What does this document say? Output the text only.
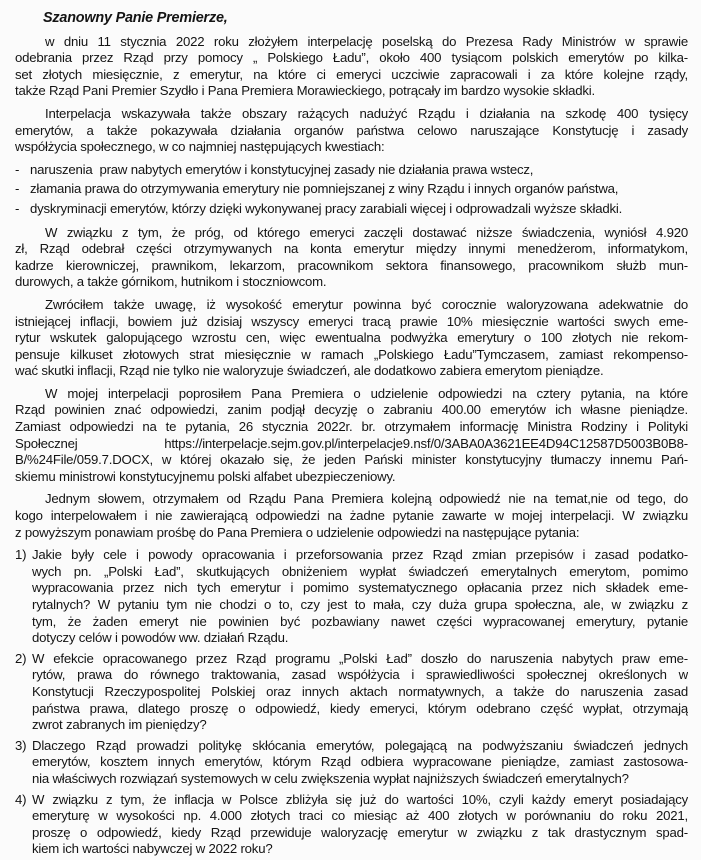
Szanowny Panie Premierze,
w dniu 11 stycznia 2022 roku złożyłem interpelację poselską do Prezesa Rady Ministrów w sprawie
odebrania przez Rząd przy pomocy „ Polskiego Ładu”, około 400 tysiącom polskich emerytów po kilka-
set złotych miesięcznie, z emerytur, na które ci emeryci uczciwie zapracowali i za które kolejne rządy,
także Rząd Pani Premier Szydło i Pana Premiera Morawieckiego, potrącały im bardzo wysokie składki.
Interpelacja wskazywała także obszary rażących nadużyć Rządu i działania na szkodę 400 tysięcy
emerytów, a także pokazywała działania organów państwa celowo naruszające Konstytucję i zasady
współżycia społecznego, w co najmniej następujących kwestiach:
- naruszenia  praw nabytych emerytów i konstytucyjnej zasady nie działania prawa wstecz,
- złamania prawa do otrzymywania emerytury nie pomniejszanej z winy Rządu i innych organów państwa,
- dyskryminacji emerytów, którzy dzięki wykonywanej pracy zarabiali więcej i odprowadzali wyższe składki.
W związku z tym, że próg, od którego emeryci zaczęli dostawać niższe świadczenia, wyniósł 4.920
zł, Rząd odebrał części otrzymywanych na konta emerytur między innymi menedżerom, informatykom,
kadrze kierowniczej, prawnikom, lekarzom, pracownikom sektora finansowego, pracownikom służb mun-
durowych, a także górnikom, hutnikom i stoczniowcom.
Zwróciłem także uwagę, iż wysokość emerytur powinna być corocznie waloryzowana adekwatnie do
istniejącej inflacji, bowiem już dzisiaj wszyscy emeryci tracą prawie 10% miesięcznie wartości swych eme-
rytur wskutek galopującego wzrostu cen, więc ewentualna podwyżka emerytury o 100 złotych nie rekom-
pensuje kilkuset złotowych strat miesięcznie w ramach „Polskiego Ładu”Tymczasem, zamiast rekompenso-
wać skutki inflacji, Rząd nie tylko nie waloryzuje świadczeń, ale dodatkowo zabiera emerytom pieniądze.
W mojej interpelacji poprosiłem Pana Premiera o udzielenie odpowiedzi na cztery pytania, na które
Rząd powinien znać odpowiedzi, zanim podjął decyzję o zabraniu 400.00 emerytów ich własne pieniądze.
Zamiast odpowiedzi na te pytania, 26 stycznia 2022r. br. otrzymałem informację Ministra Rodziny i Polityki
Społecznej https://interpelacje.sejm.gov.pl/interpelacje9.nsf/0/3ABA0A3621EE4D94C12587D5003B0B8-
B/%24File/059.7.DOCX, w której okazało się, że jeden Pański minister konstytucyjny tłumaczy innemu Pań-
skiemu ministrowi konstytucyjnemu polski alfabet ubezpieczeniowy.
Jednym słowem, otrzymałem od Rządu Pana Premiera kolejną odpowiedź nie na temat,nie od tego, do
kogo interpelowałem i nie zawierającą odpowiedzi na żadne pytanie zawarte w mojej interpelacji. W związku
z powyższym ponawiam prośbę do Pana Premiera o udzielenie odpowiedzi na następujące pytania:
1) Jakie były cele i powody opracowania i przeforsowania przez Rząd zmian przepisów i zasad podatko-
wych pn. „Polski Ład”, skutkujących obniżeniem wypłat świadczeń emerytalnych emerytom, pomimo
wypracowania przez nich tych emerytur i pomimo systematycznego opłacania przez nich składek eme-
rytalnych? W pytaniu tym nie chodzi o to, czy jest to mała, czy duża grupa społeczna, ale, w związku z
tym, że żaden emeryt nie powinien być pozbawiany nawet części wypracowanej emerytury, pytanie
dotyczy celów i powodów ww. działań Rządu.
2) W efekcie opracowanego przez Rząd programu „Polski Ład” doszło do naruszenia nabytych praw eme-
rytów, prawa do równego traktowania, zasad współżycia i sprawiedliwości społecznej określonych w
Konstytucji Rzeczypospolitej Polskiej oraz innych aktach normatywnych, a także do naruszenia zasad
państwa prawa, dlatego proszę o odpowiedź, kiedy emeryci, którym odebrano część wypłat, otrzymają
zwrot zabranych im pieniędzy?
3) Dlaczego Rząd prowadzi politykę skłócania emerytów, polegającą na podwyższaniu świadczeń jednych
emerytów, kosztem innych emerytów, którym Rząd odbiera wypracowane pieniądze, zamiast zastosowa-
nia właściwych rozwiązań systemowych w celu zwiększenia wypłat najniższych świadczeń emerytalnych?
4) W związku z tym, że inflacja w Polsce zbliżyła się już do wartości 10%, czyli każdy emeryt posiadający
emeryturę w wysokości np. 4.000 złotych traci co miesiąc aż 400 złotych w porównaniu do roku 2021,
proszę o odpowiedź, kiedy Rząd przewiduje waloryzację emerytur w związku z tak drastycznym spad-
kiem ich wartości nabywczej w 2022 roku?
